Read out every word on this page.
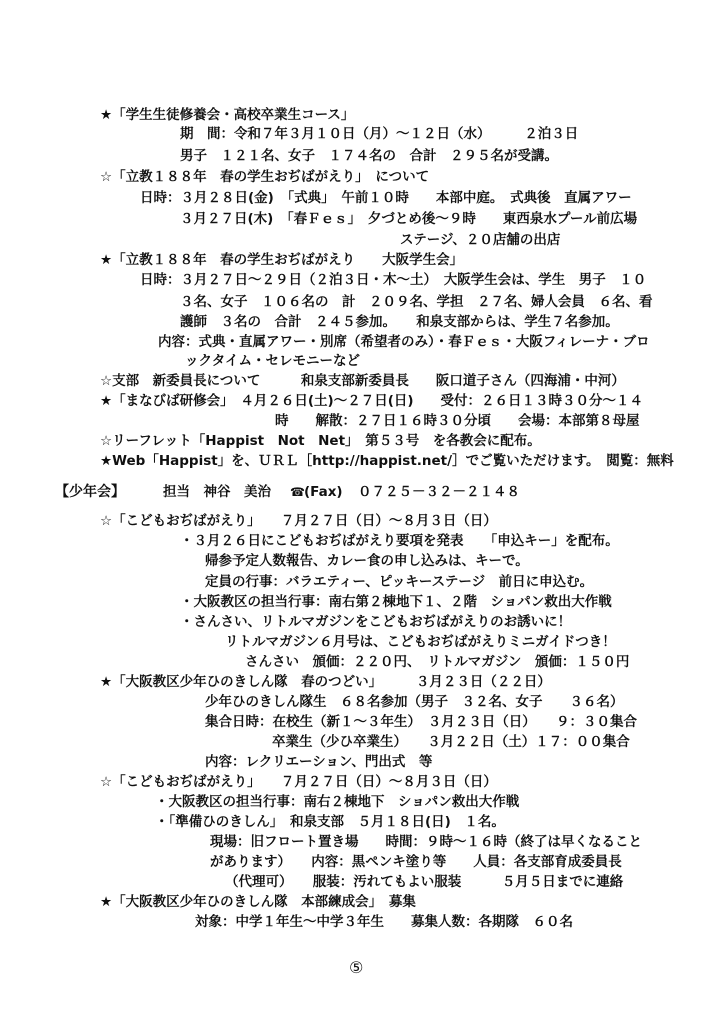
★「学生生徒修養会・高校卒業生コース」
期　間：令和７年３月１０日（月）～１２日（水）　　　２泊３日
男子　１２１名、女子　１７４名の　合計　２９５名が受講。
☆「立教１８８年　春の学生おぢばがえり」　について
日時：３月２８日(金)　「式典」　午前１０時　　本部中庭。　式典後　直属アワー
３月２７日(木)　「春Ｆｅｓ」　夕づとめ後～９時　　東西泉水プール前広場
ステージ、２０店舗の出店
★「立教１８８年　春の学生おぢばがえり　　大阪学生会」
日時：３月２７日～２９日（２泊３日・木～土）　大阪学生会は、学生　男子　１０
３名、女子　１０６名の　計　２０９名、学担　２７名、婦人会員　６名、看
護師　３名の　合計　２４５参加。　　和泉支部からは、学生７名参加。
内容：式典・直属アワー・別席（希望者のみ）・春Ｆｅｓ・大阪フィレーナ・ブロ
ックタイム・セレモニーなど
☆支部　新委員長について　　　和泉支部新委員長　　阪口道子さん（四海浦・中河）
★「まなびば研修会」　４月２６日(土)～２７日(日)　　受付：２６日１３時３０分～１４
時　　解散：２７日１６時３０分頃　　会場：本部第８母屋
☆リーフレット「Happist　Not　Net」　第５３号　を各教会に配布。
★Web「Happist」を、ＵＲＬ［http://happist.net/］でご覧いただけます。　閲覧：無料
【少年会】	担当　神谷　美治
☎ (Fax) ０７２５－３２－２１４８
☆「こどもおぢばがえり」　　７月２７日（日）～８月３日（日）
・３月２６日にこどもおぢばがえり要項を発表　　「申込キー」を配布。
帰参予定人数報告、カレー食の申し込みは、キーで。
定員の行事：バラエティー、ピッキーステージ　前日に申込む。
・大阪教区の担当行事：南右第２棟地下１、２階　ショパン救出大作戦
・さんさい、リトルマガジンをこどもおぢばがえりのお誘いに！
リトルマガジン６月号は、こどもおぢばがえりミニガイドつき！
さんさい　頒価：２２０円、　リトルマガジン　頒価：１５０円
★「大阪教区少年ひのきしん隊　春のつどい」　　　３月２３日（２２日）
少年ひのきしん隊生　６８名参加（男子　３２名、女子　　３６名）
集合日時：在校生（新１～３年生）　３月２３日（日）　　９：３０集合
卒業生（少ひ卒業生）　　３月２２日（土）１７：００集合
内容：レクリエーション、門出式　等
☆「こどもおぢばがえり」　　７月２７日（日）～８月３日（日）
・大阪教区の担当行事：南右２棟地下　ショパン救出大作戦
・「準備ひのきしん」　和泉支部　５月１８日(日)　１名。
現場：旧フロート置き場　　時間：９時～１６時（終了は早くなること
があります）　　内容：黒ペンキ塗り等　　人員：各支部育成委員長
（代理可）　　服装：汚れてもよい服装　　　５月５日までに連絡
★「大阪教区少年ひのきしん隊　本部練成会」　募集
対象：中学１年生～中学３年生　　募集人数：各期隊　６０名
⑤
